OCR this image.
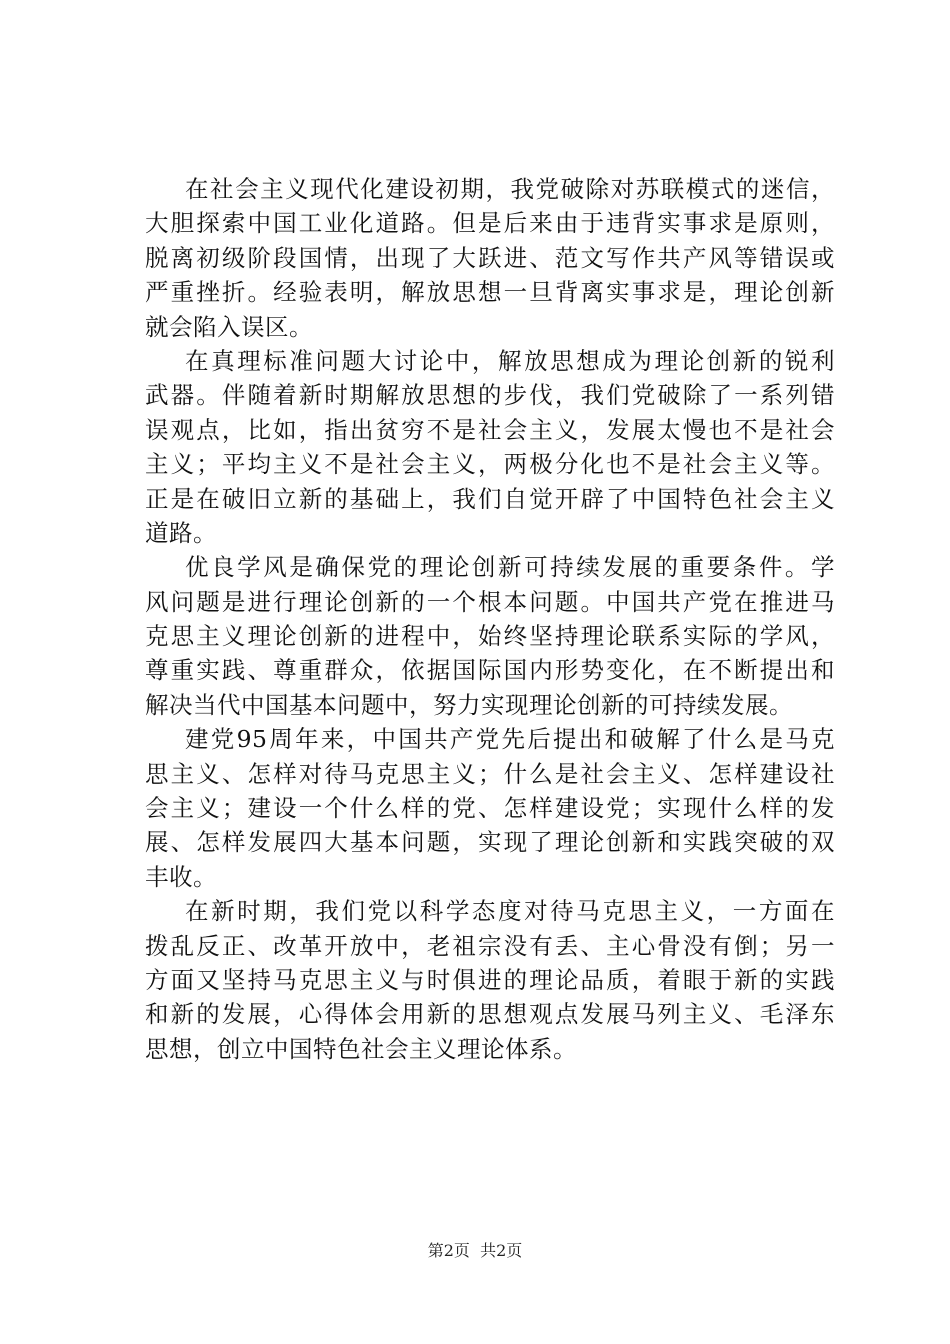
在社会主义现代化建设初期，我党破除对苏联模式的迷信，
大胆探索中国工业化道路。但是后来由于违背实事求是原则，
脱离初级阶段国情，出现了大跃进、范文写作共产风等错误或
严重挫折。经验表明，解放思想一旦背离实事求是，理论创新
就会陷入误区。
在真理标准问题大讨论中，解放思想成为理论创新的锐利
武器。伴随着新时期解放思想的步伐，我们党破除了一系列错
误观点，比如，指出贫穷不是社会主义，发展太慢也不是社会
主义；平均主义不是社会主义，两极分化也不是社会主义等。
正是在破旧立新的基础上，我们自觉开辟了中国特色社会主义
道路。
优良学风是确保党的理论创新可持续发展的重要条件。学
风问题是进行理论创新的一个根本问题。中国共产党在推进马
克思主义理论创新的进程中，始终坚持理论联系实际的学风，
尊重实践、尊重群众，依据国际国内形势变化，在不断提出和
解决当代中国基本问题中，努力实现理论创新的可持续发展。
建党95周年来，中国共产党先后提出和破解了什么是马克
思主义、怎样对待马克思主义；什么是社会主义、怎样建设社
会主义；建设一个什么样的党、怎样建设党；实现什么样的发
展、怎样发展四大基本问题，实现了理论创新和实践突破的双
丰收。
在新时期，我们党以科学态度对待马克思主义，一方面在
拨乱反正、改革开放中，老祖宗没有丢、主心骨没有倒；另一
方面又坚持马克思主义与时俱进的理论品质，着眼于新的实践
和新的发展，心得体会用新的思想观点发展马列主义、毛泽东
思想，创立中国特色社会主义理论体系。
第2页 共2页
